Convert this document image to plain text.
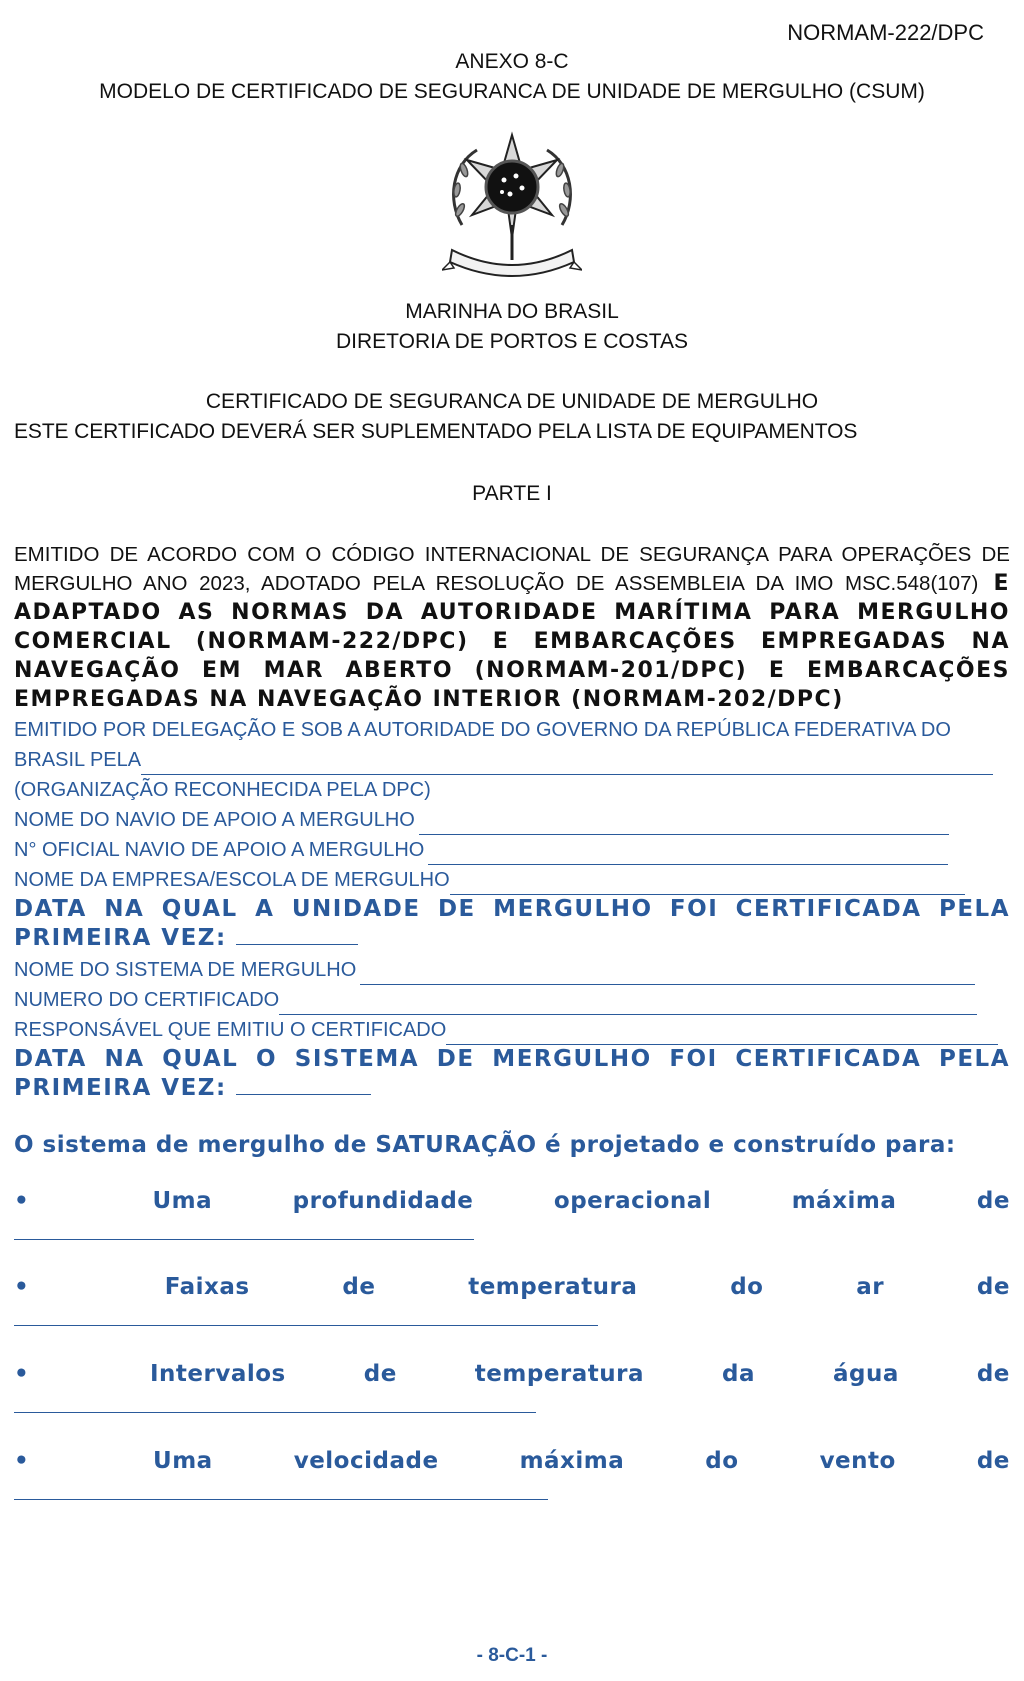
NORMAM-222/DPC
ANEXO 8-C
MODELO DE CERTIFICADO DE SEGURANCA DE UNIDADE DE MERGULHO (CSUM)
MARINHA DO BRASIL
DIRETORIA DE PORTOS E COSTAS
CERTIFICADO DE SEGURANCA DE UNIDADE DE MERGULHO
ESTE CERTIFICADO DEVERÁ SER SUPLEMENTADO PELA LISTA DE EQUIPAMENTOS
PARTE I
EMITIDO DE ACORDO COM O CÓDIGO INTERNACIONAL DE SEGURANÇA PARA OPERAÇÕES DE MERGULHO ANO 2023, ADOTADO PELA RESOLUÇÃO DE ASSEMBLEIA DA IMO MSC.548(107) E ADAPTADO AS NORMAS DA AUTORIDADE MARÍTIMA PARA MERGULHO COMERCIAL (NORMAM-222/DPC) E EMBARCAÇÕES EMPREGADAS NA NAVEGAÇÃO EM MAR ABERTO (NORMAM-201/DPC) E EMBARCAÇÕES EMPREGADAS NA NAVEGAÇÃO INTERIOR (NORMAM-202/DPC)
EMITIDO POR DELEGAÇÃO E SOB A AUTORIDADE DO GOVERNO DA REPÚBLICA FEDERATIVA DO
BRASIL PELA
(ORGANIZAÇÃO RECONHECIDA PELA DPC)
NOME DO NAVIO DE APOIO A MERGULHO
N° OFICIAL NAVIO DE APOIO A MERGULHO
NOME DA EMPRESA/ESCOLA DE MERGULHO
DATA NA QUAL A UNIDADE DE MERGULHO FOI CERTIFICADA PELA PRIMEIRA VEZ:
NOME DO SISTEMA DE MERGULHO
NUMERO DO CERTIFICADO
RESPONSÁVEL QUE EMITIU O CERTIFICADO
DATA NA QUAL O SISTEMA DE MERGULHO FOI CERTIFICADA PELA PRIMEIRA VEZ:
O sistema de mergulho de SATURAÇÃO é projetado e construído para:
•	Uma	profundidade	operacional	máxima	de
•	Faixas	de	temperatura	do	ar	de
•	Intervalos	de	temperatura	da	água	de
•	Uma	velocidade	máxima	do	vento	de
- 8-C-1 -
